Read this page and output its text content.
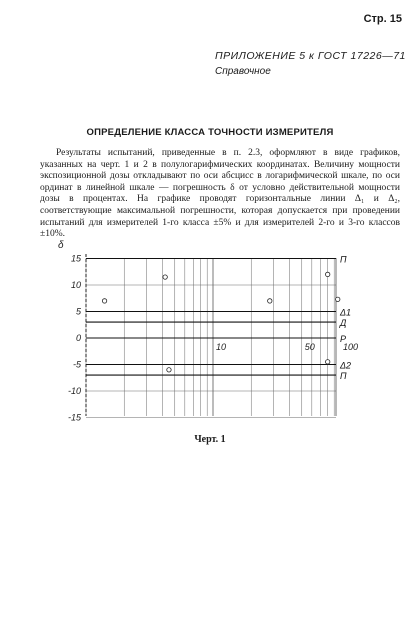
Стр. 15
ПРИЛОЖЕНИЕ 5 к ГОСТ 17226—71
Справочное
ОПРЕДЕЛЕНИЕ КЛАССА ТОЧНОСТИ ИЗМЕРИТЕЛЯ
Результаты испытаний, приведенные в п. 2.3, оформляют в виде графиков, указанных на черт. 1 и 2 в полулогарифмических координатах. Величину мощности экспозиционной дозы откладывают по оси абсцисс в логарифмической шкале, по оси ординат в линейной шкале — погрешность δ от условно действительной мощности дозы в процентах. На графике проводят горизонтальные линии Δ₁ и Δ₂, соответствующие максимальной погрешности, которая допускается при проведении испытаний для измерителей 1-го класса ±5% и для измерителей 2-го и 3-го классов ±10%.
15
10
5
0
-5
-10
-15
δ
10	50	100
П
Δ1
Д
Р
Δ2
П
Черт. 1
